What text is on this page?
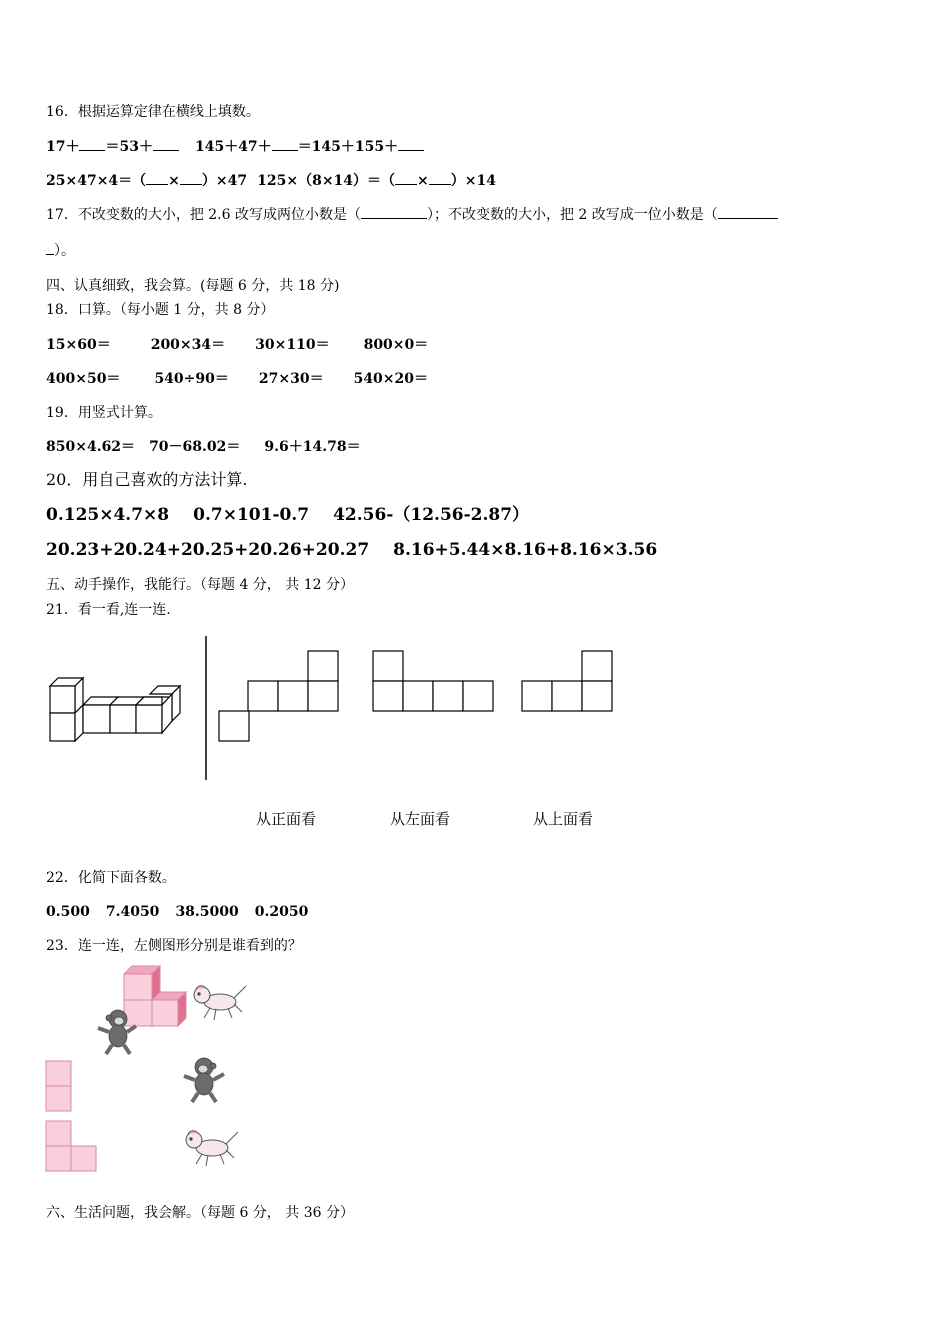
16．根据运算定律在横线上填数。
17＋ ＝53＋	145＋47＋ ＝145＋155＋
25×47×4＝（ × ）×47 125×（8×14）＝（ × ）×14
17．不改变数的大小，把 2.6 改写成两位小数是（	）；不改变数的大小，把 2 改写成一位小数是（
）。
四、认真细致，我会算。(每题 6 分，共 18 分)
18．口算。（每小题 1 分，共 8 分）
15×60＝	200×34＝ 30×110＝ 800×0＝
400×50＝ 540÷90＝ 27×30＝ 540×20＝
19．用竖式计算。
850×4.62＝ 70－68.02＝ 9.6＋14.78＝
20．用自己喜欢的方法计算.
0.125×4.7×8 0.7×101-0.7 42.56-（12.56-2.87）
20.23+20.24+20.25+20.26+20.27 8.16+5.44×8.16+8.16×3.56
五、动手操作，我能行。（每题 4 分， 共 12 分）
21．看一看,连一连.
从正面看	从左面看	从上面看
22．化简下面各数。
0.500 7.4050 38.5000 0.2050
23．连一连，左侧图形分别是谁看到的？
六、生活问题，我会解。（每题 6 分， 共 36 分）
